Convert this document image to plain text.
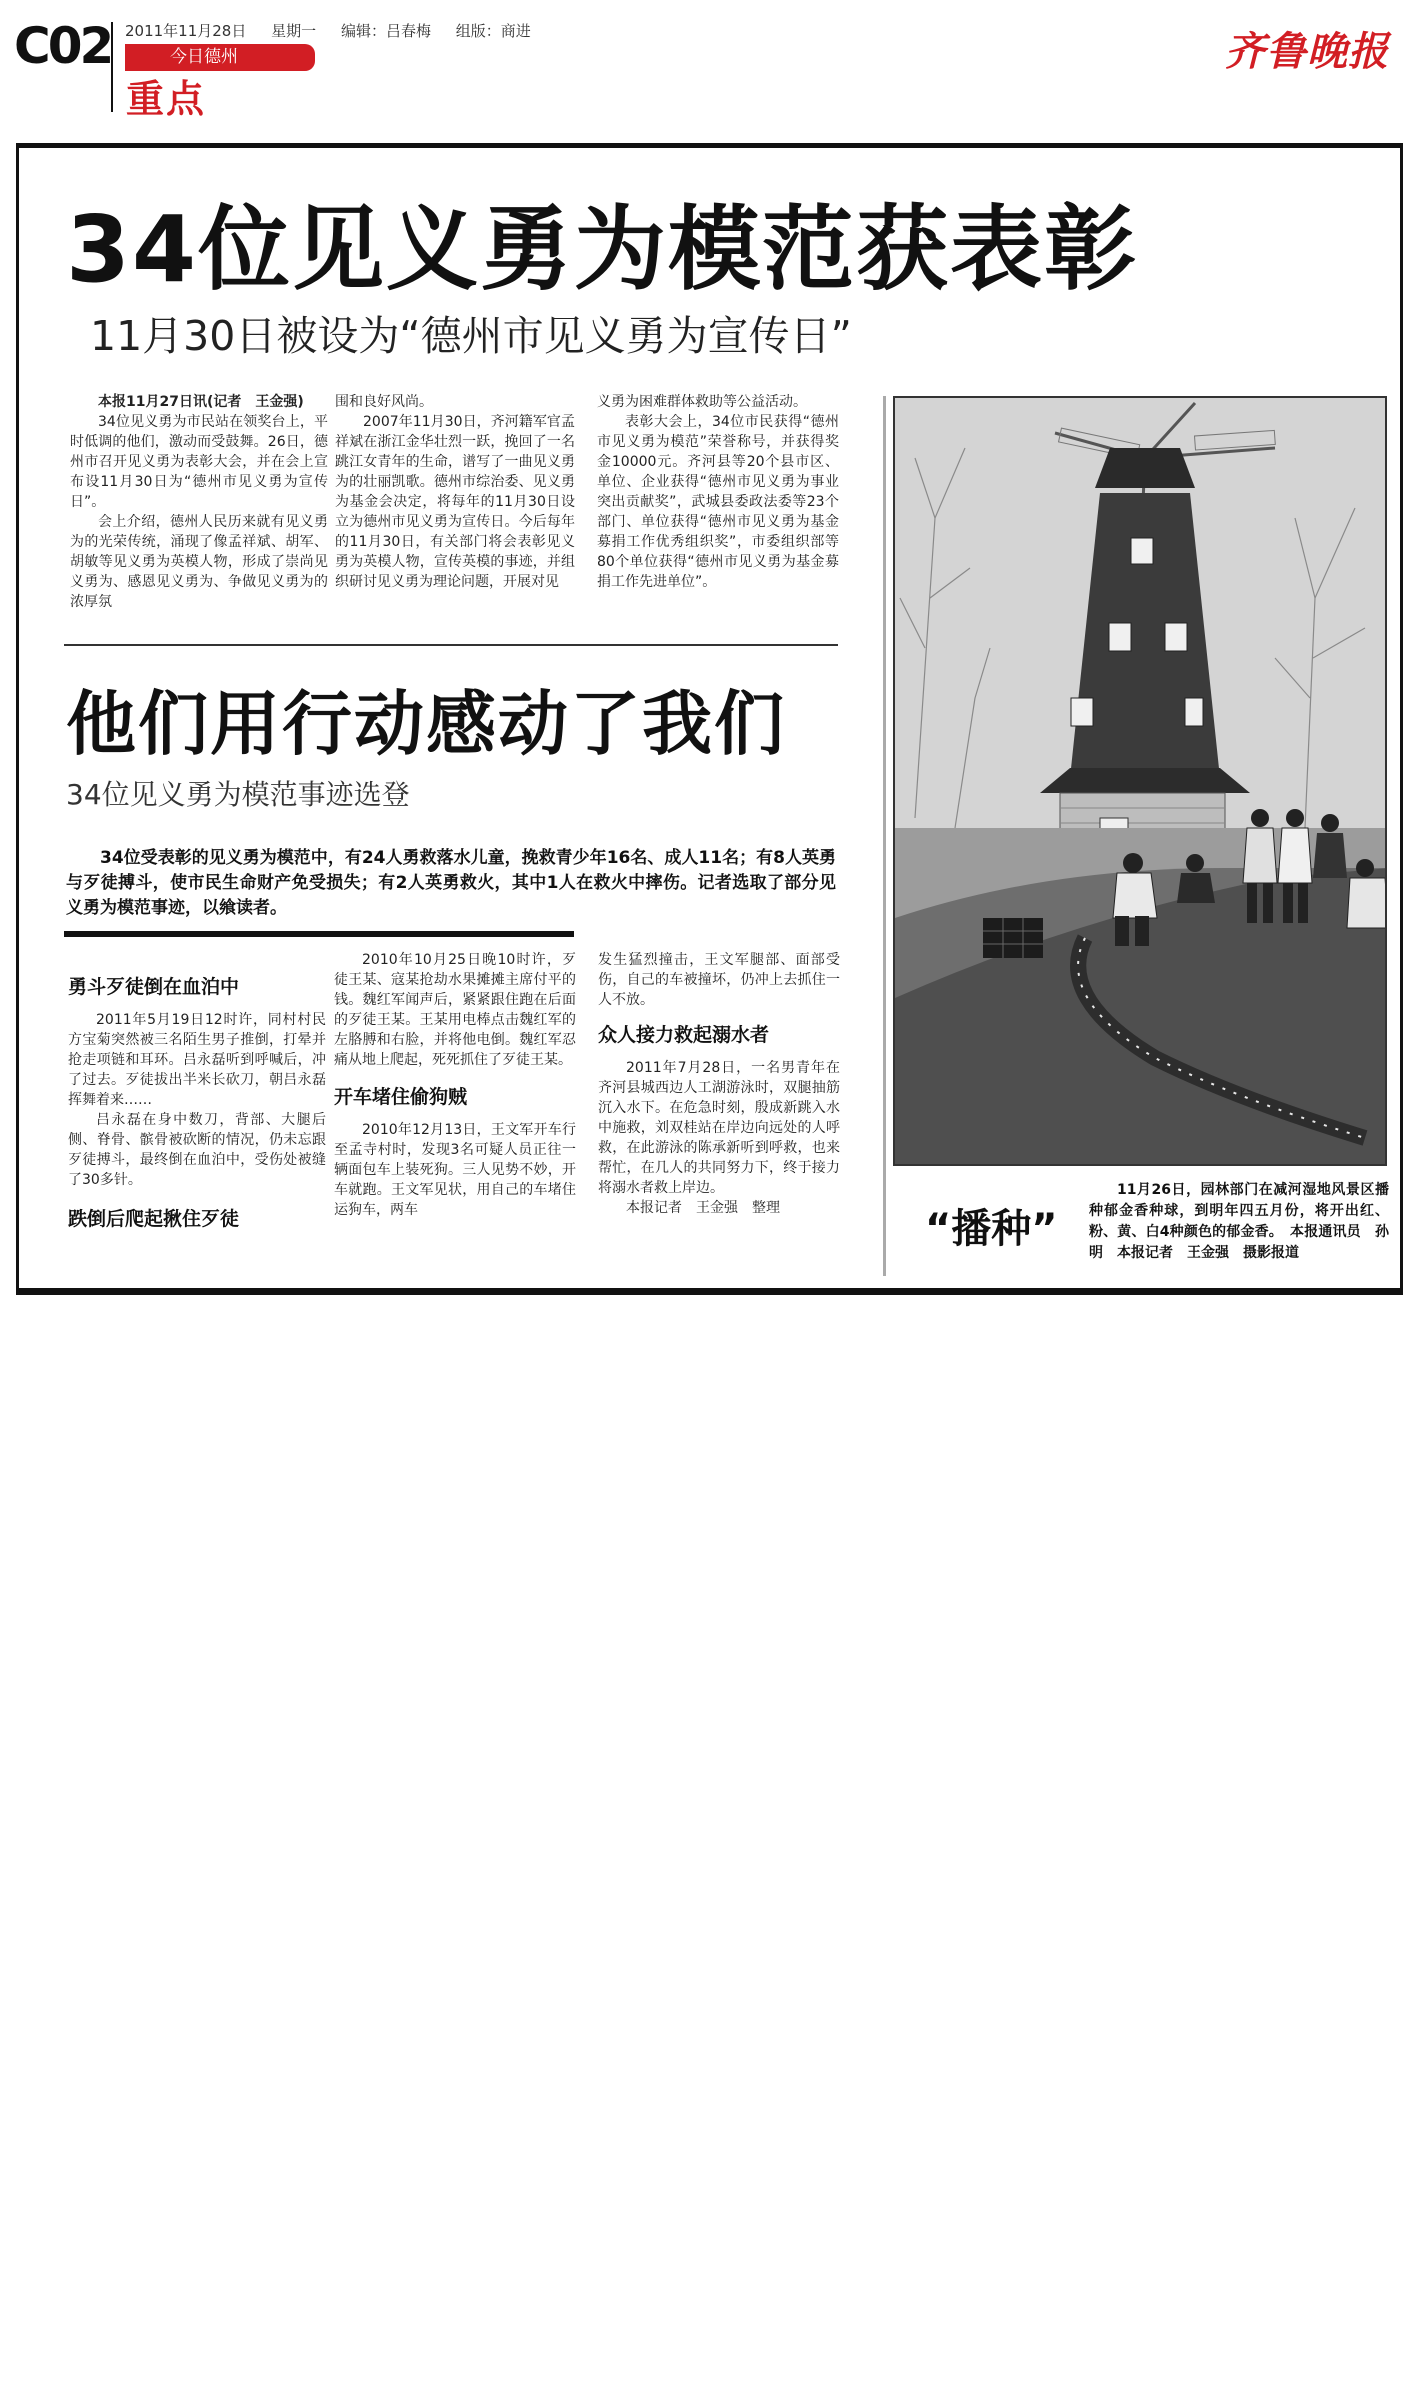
C02 2011年11月28日 星期一 编辑：吕春梅 组版：商进
今日德州
重点
齐鲁晚报
34位见义勇为模范获表彰
11月30日被设为“德州市见义勇为宣传日”

本报11月27日讯(记者　王金强)

34位见义勇为市民站在领奖台上，平时低调的他们，激动而受鼓舞。26日，德州市召开见义勇为表彰大会，并在会上宣布设11月30日为“德州市见义勇为宣传日”。

会上介绍，德州人民历来就有见义勇为的光荣传统，涌现了像孟祥斌、胡军、胡敏等见义勇为英模人物，形成了崇尚见义勇为、感恩见义勇为、争做见义勇为的浓厚氛

围和良好风尚。

2007年11月30日，齐河籍军官孟祥斌在浙江金华壮烈一跃，挽回了一名跳江女青年的生命，谱写了一曲见义勇为的壮丽凯歌。德州市综治委、见义勇为基金会决定，将每年的11月30日设立为德州市见义勇为宣传日。今后每年的11月30日，有关部门将会表彰见义勇为英模人物，宣传英模的事迹，并组织研讨见义勇为理论问题，开展对见

义勇为困难群体救助等公益活动。

表彰大会上，34位市民获得“德州市见义勇为模范”荣誉称号，并获得奖金10000元。齐河县等20个县市区、单位、企业获得“德州市见义勇为事业突出贡献奖”，武城县委政法委等23个部门、单位获得“德州市见义勇为基金募捐工作优秀组织奖”，市委组织部等80个单位获得“德州市见义勇为基金募捐工作先进单位”。

他们用行动感动了我们
34位见义勇为模范事迹选登

34位受表彰的见义勇为模范中，有24人勇救落水儿童，挽救青少年16名、成人11名；有8人英勇与歹徒搏斗，使市民生命财产免受损失；有2人英勇救火，其中1人在救火中摔伤。记者选取了部分见义勇为模范事迹，以飨读者。

勇斗歹徒倒在血泊中

2011年5月19日12时许，同村村民方宝菊突然被三名陌生男子推倒，打晕并抢走项链和耳环。吕永磊听到呼喊后，冲了过去。歹徒拔出半米长砍刀，朝吕永磊挥舞着来……

吕永磊在身中数刀，背部、大腿后侧、脊骨、髌骨被砍断的情况，仍未忘跟歹徒搏斗，最终倒在血泊中，受伤处被缝了30多针。

跌倒后爬起揪住歹徒

2010年10月25日晚10时许，歹徒王某、寇某抢劫水果摊摊主席付平的钱。魏红军闻声后，紧紧跟住跑在后面的歹徒王某。王某用电棒点击魏红军的左胳膊和右脸，并将他电倒。魏红军忍痛从地上爬起，死死抓住了歹徒王某。

开车堵住偷狗贼

2010年12月13日，王文军开车行至孟寺村时，发现3名可疑人员正往一辆面包车上装死狗。三人见势不妙，开车就跑。王文军见状，用自己的车堵住运狗车，两车

发生猛烈撞击，王文军腿部、面部受伤，自己的车被撞坏，仍冲上去抓住一人不放。

众人接力救起溺水者

2011年7月28日，一名男青年在齐河县城西边人工湖游泳时，双腿抽筋沉入水下。在危急时刻，殷成新跳入水中施救，刘双桂站在岸边向远处的人呼救，在此游泳的陈承新听到呼救，也来帮忙，在几人的共同努力下，终于接力将溺水者救上岸边。

本报记者　王金强　整理	“播种”

11月26日，园林部门在减河湿地风景区播种郁金香种球，到明年四五月份，将开出红、粉、黄、白4种颜色的郁金香。　本报通讯员　孙明　本报记者　王金强　摄影报道
